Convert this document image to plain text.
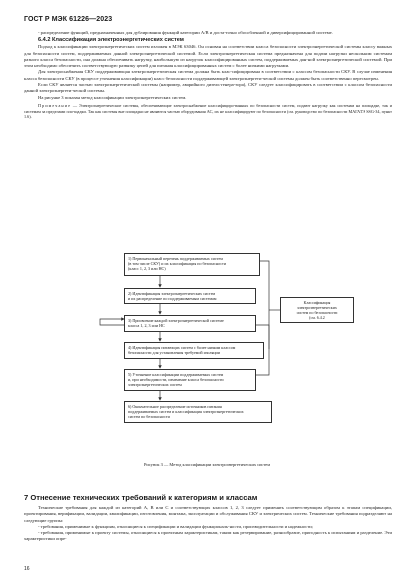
ГОСТ Р МЭК 61226—2023

- распределение функций, предназначенных для дублирования функций категории А/В и доста-точно обособленной и диверсифицированной системе.

6.4.2 Классификация электроэнергетических систем

Подход к классификации электроэнергетических систем изложен в МЭК 63046. Он основан на соответствии класса безопасности электроэнергетической системы классу важных для безопасности систем, поддерживаемых данной электроэнергетической системой. Если электроэнергетическая система предназначена для подачи нагрузки нескольким системам разного класса безопасности, она должна обеспечивать нагрузку, наибольшую из нагрузок классифицированных систем, поддерживаемых дан-ной электроэнергетической системой. При этом необходимо обеспечить соответствующую развязку цепей для питания классифицированных систем с более низкими нагрузками.

Для электроснабжения СКУ поддерживающая электроэнергетическая система должна быть клас-сифицирована в соответствии с классом безопасности СКУ. В случае изменения класса безопасности СКУ (в процессе уточнения классификации) класс безопасности поддерживающей электроэнергети-ческой системы должен быть соответственно пересмотрен.

Если СКУ является частью электроэнергетической системы (например, аварийного дизель-генера-тора), СКУ следует классифицировать в соответствии с классом безопасности данной электроэнергети-ческой системы.

На рисунке 3 показан метод классификации электроэнергетических систем.

Примечание — Электроэнергетические системы, обеспечивающие электроснабжение классифициро-ванных по безопасности систем, подают нагрузку как системам на площадке, так и системам за пределами пло-щадки. Так как системы вне площадки не являются частью оборудования АС, их не классифицируют по безопасности (см. руководство по безопасности МАГАТЭ SSG-34, пункт 1.6).

1) Первоначальный перечень поддерживаемых систем
(в том числе СКУ) и их классификация по безопасности
(класс 1, 2, 3 или НС)
2) Идентификация электроэнергетических систем
и их распределение по поддерживаемым системам
3) Присвоение каждой электроэнергетической системе
класса 1, 2, 3 или НС
4) Идентификация питающих систем с более низким классом
безопасности для установления требуемой изоляции
5) Уточнение классификации поддерживаемых систем
и, при необходимости, изменение класса безопасности
электроэнергетических систем
6) Окончательное распределение источников питания
поддерживаемых систем и классификация электроэнергетических
систем по безопасности
Классификация
электроэнергетических
систем по безопасности
(см. 6.4.2
Рисунок 3 — Метод классификации электроэнергетических систем
7 Отнесение технических требований к категориям и классам

Технические требования для каждой из категорий А, В или С и соответствующих классов 1, 2, 3 следует применять соответствующим образом к этапам спецификации, проектирования, верификации, валидации, квалификации, изготовления, монтажа, эксплуатации и обслуживания СКУ и электрических систем. Технические требования подразделяют на следующие группы:

- требования, применимые к функциям, относящиеся к спецификации и валидации функциональ-ности, производительности и надежности;

- требования, применимые к проекту системы, относящиеся к проектным характеристикам, таким как резервирование, разнообразие, пригодность к испытаниям и разделение. Эти характеристики опре-

16
